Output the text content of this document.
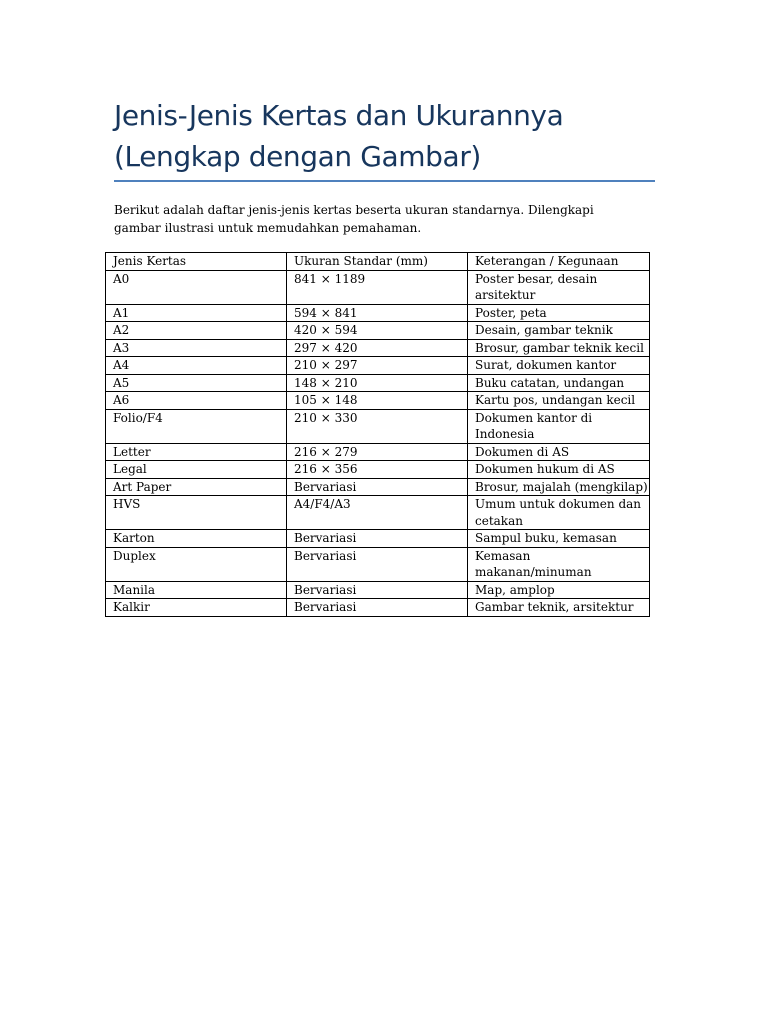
Jenis-Jenis Kertas dan Ukurannya (Lengkap dengan Gambar)

Berikut adalah daftar jenis-jenis kertas beserta ukuran standarnya. Dilengkapi gambar ilustrasi untuk memudahkan pemahaman.

Jenis Kertas	Ukuran Standar (mm)	Keterangan / Kegunaan
A0	841 × 1189	Poster besar, desain arsitektur
A1	594 × 841	Poster, peta
A2	420 × 594	Desain, gambar teknik
A3	297 × 420	Brosur, gambar teknik kecil
A4	210 × 297	Surat, dokumen kantor
A5	148 × 210	Buku catatan, undangan
A6	105 × 148	Kartu pos, undangan kecil
Folio/F4	210 × 330	Dokumen kantor di Indonesia
Letter	216 × 279	Dokumen di AS
Legal	216 × 356	Dokumen hukum di AS
Art Paper	Bervariasi	Brosur, majalah (mengkilap)
HVS	A4/F4/A3	Umum untuk dokumen dan cetakan
Karton	Bervariasi	Sampul buku, kemasan
Duplex	Bervariasi	Kemasan makanan/minuman
Manila	Bervariasi	Map, amplop
Kalkir	Bervariasi	Gambar teknik, arsitektur
